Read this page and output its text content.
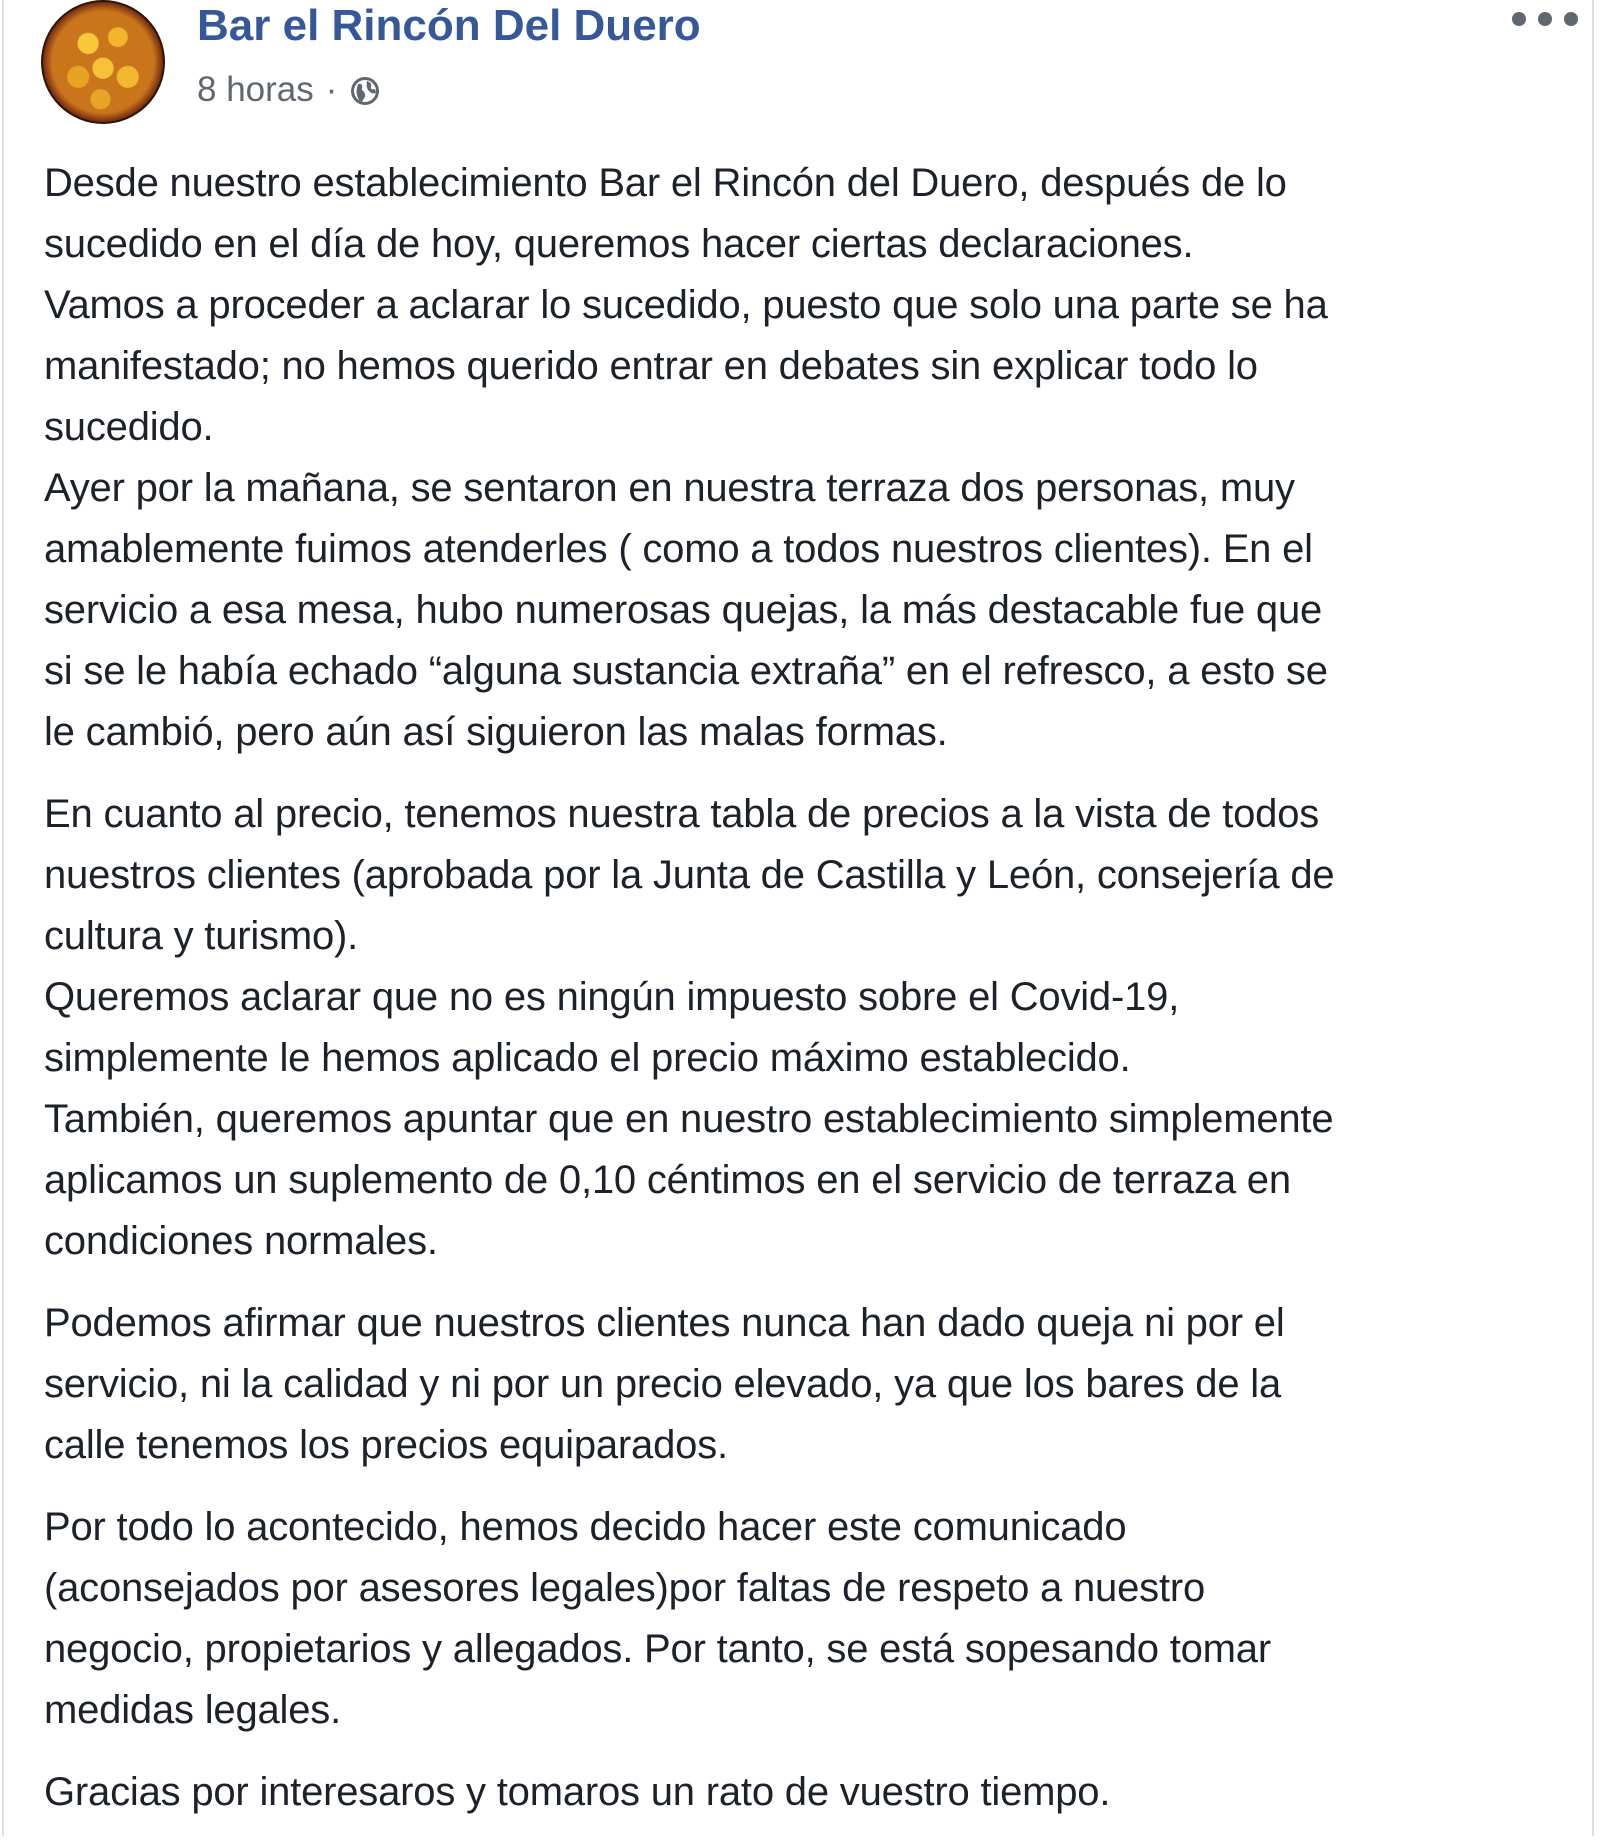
Bar el Rincón Del Duero
8 horas ·

Desde nuestro establecimiento Bar el Rincón del Duero, después de lo
sucedido en el día de hoy, queremos hacer ciertas declaraciones.
Vamos a proceder a aclarar lo sucedido, puesto que solo una parte se ha
manifestado; no hemos querido entrar en debates sin explicar todo lo
sucedido.
Ayer por la mañana, se sentaron en nuestra terraza dos personas, muy
amablemente fuimos atenderles ( como a todos nuestros clientes). En el
servicio a esa mesa, hubo numerosas quejas, la más destacable fue que
si se le había echado “alguna sustancia extraña” en el refresco, a esto se
le cambió, pero aún así siguieron las malas formas.

En cuanto al precio, tenemos nuestra tabla de precios a la vista de todos
nuestros clientes (aprobada por la Junta de Castilla y León, consejería de
cultura y turismo).
Queremos aclarar que no es ningún impuesto sobre el Covid-19,
simplemente le hemos aplicado el precio máximo establecido.
También, queremos apuntar que en nuestro establecimiento simplemente
aplicamos un suplemento de 0,10 céntimos en el servicio de terraza en
condiciones normales.

Podemos afirmar que nuestros clientes nunca han dado queja ni por el
servicio, ni la calidad y ni por un precio elevado, ya que los bares de la
calle tenemos los precios equiparados.

Por todo lo acontecido, hemos decido hacer este comunicado
(aconsejados por asesores legales)por faltas de respeto a nuestro
negocio, propietarios y allegados. Por tanto, se está sopesando tomar
medidas legales.

Gracias por interesaros y tomaros un rato de vuestro tiempo.
